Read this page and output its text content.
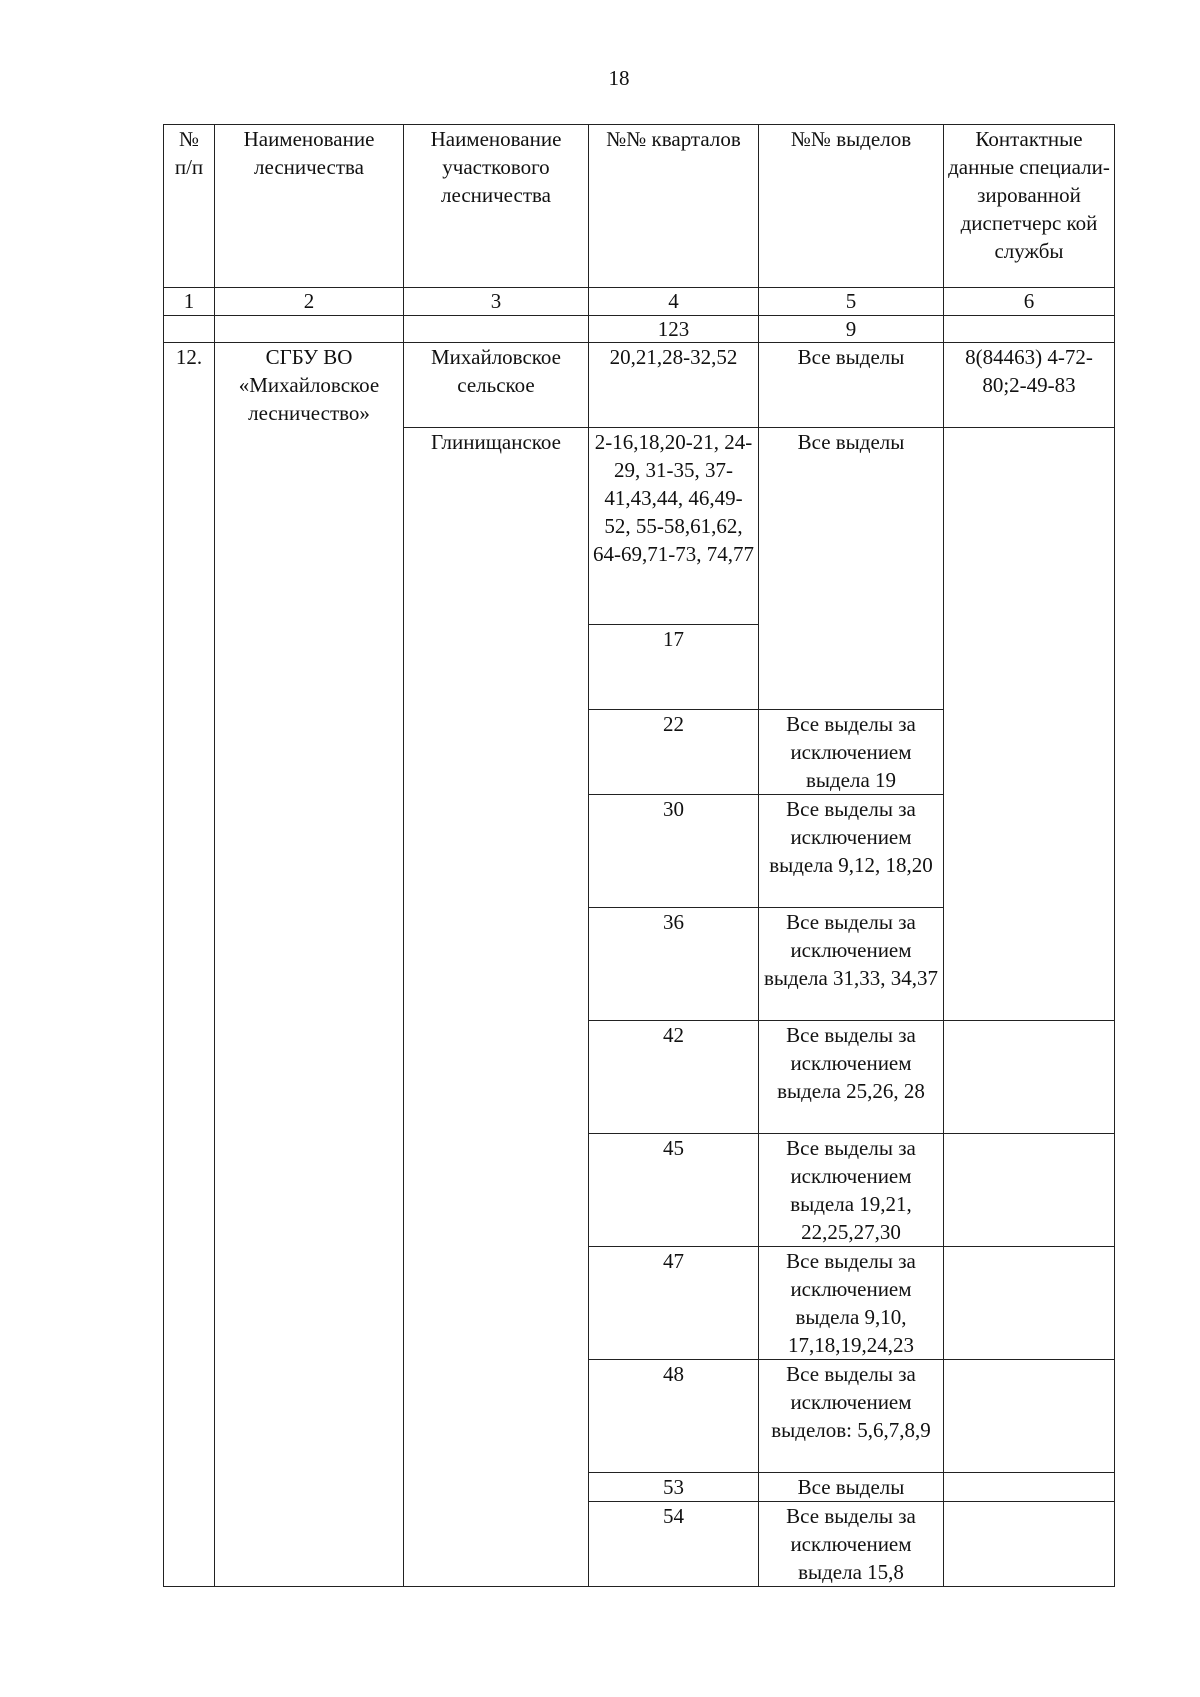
18
№ п/п	Наименование лесничества	Наименование участкового лесничества	№№ кварталов	№№ выделов	Контактные данные специали-зированной диспетчерс кой службы
1	2	3	4	5	6
			123	9	
12.	СГБУ ВО «Михайловское лесничество»	Михайловское сельское	20,21,28-32,52	Все выделы	8(84463) 4-72-80;2-49-83
		Глинищанское	2-16,18,20-21, 24-29, 31-35, 37-41,43,44, 46,49-52, 55-58,61,62, 64-69,71-73, 74,77	Все выделы	
			17		
			22	Все выделы за исключением выдела 19	
			30	Все выделы за исключением выдела 9,12, 18,20	
			36	Все выделы за исключением выдела 31,33, 34,37	
			42	Все выделы за исключением выдела 25,26, 28	
			45	Все выделы за исключением выдела 19,21, 22,25,27,30	
			47	Все выделы за исключением выдела 9,10, 17,18,19,24,23	
			48	Все выделы за исключением выделов: 5,6,7,8,9	
			53	Все выделы	
			54	Все выделы за исключением выдела 15,8	
